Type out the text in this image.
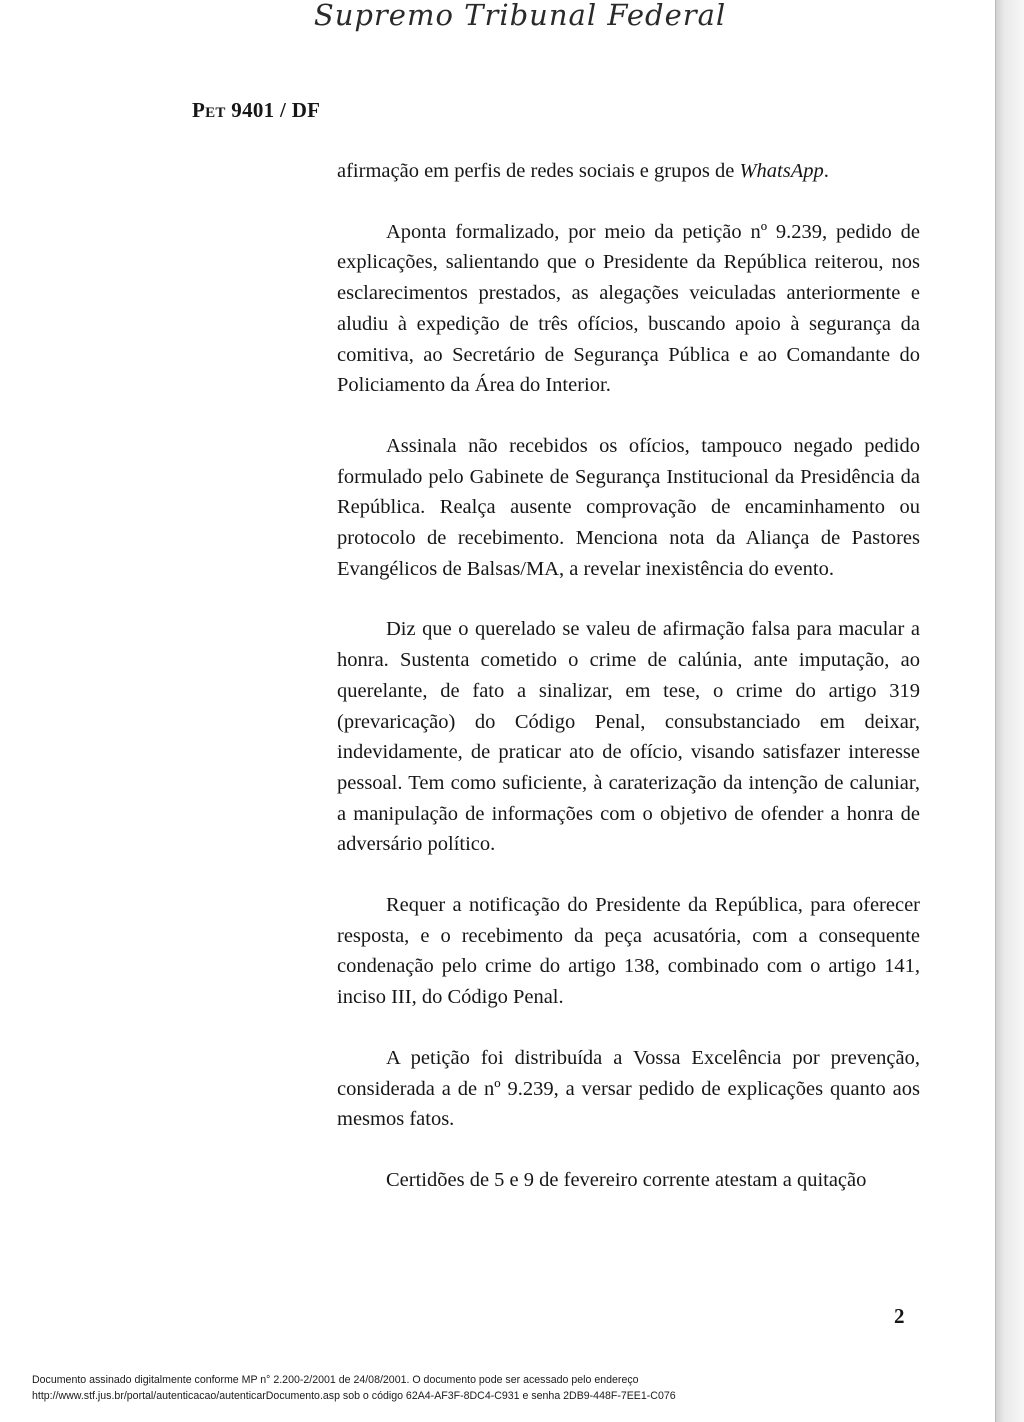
Supremo Tribunal Federal
Pet 9401 / DF

afirmação em perfis de redes sociais e grupos de WhatsApp.

Aponta formalizado, por meio da petição nº 9.239, pedido de explicações, salientando que o Presidente da República reiterou, nos esclarecimentos prestados, as alegações veiculadas anteriormente e aludiu à expedição de três ofícios, buscando apoio à segurança da comitiva, ao Secretário de Segurança Pública e ao Comandante do Policiamento da Área do Interior.

Assinala não recebidos os ofícios, tampouco negado pedido formulado pelo Gabinete de Segurança Institucional da Presidência da República. Realça ausente comprovação de encaminhamento ou protocolo de recebimento. Menciona nota da Aliança de Pastores Evangélicos de Balsas/MA, a revelar inexistência do evento.

Diz que o querelado se valeu de afirmação falsa para macular a honra. Sustenta cometido o crime de calúnia, ante imputação, ao querelante, de fato a sinalizar, em tese, o crime do artigo 319 (prevaricação) do Código Penal, consubstanciado em deixar, indevidamente, de praticar ato de ofício, visando satisfazer interesse pessoal. Tem como suficiente, à caraterização da intenção de caluniar, a manipulação de informações com o objetivo de ofender a honra de adversário político.

Requer a notificação do Presidente da República, para oferecer resposta, e o recebimento da peça acusatória, com a consequente condenação pelo crime do artigo 138, combinado com o artigo 141, inciso III, do Código Penal.

A petição foi distribuída a Vossa Excelência por prevenção, considerada a de nº 9.239, a versar pedido de explicações quanto aos mesmos fatos.

Certidões de 5 e 9 de fevereiro corrente atestam a quitação

2
Documento assinado digitalmente conforme MP n° 2.200-2/2001 de 24/08/2001. O documento pode ser acessado pelo endereço
http://www.stf.jus.br/portal/autenticacao/autenticarDocumento.asp sob o código 62A4-AF3F-8DC4-C931 e senha 2DB9-448F-7EE1-C076
